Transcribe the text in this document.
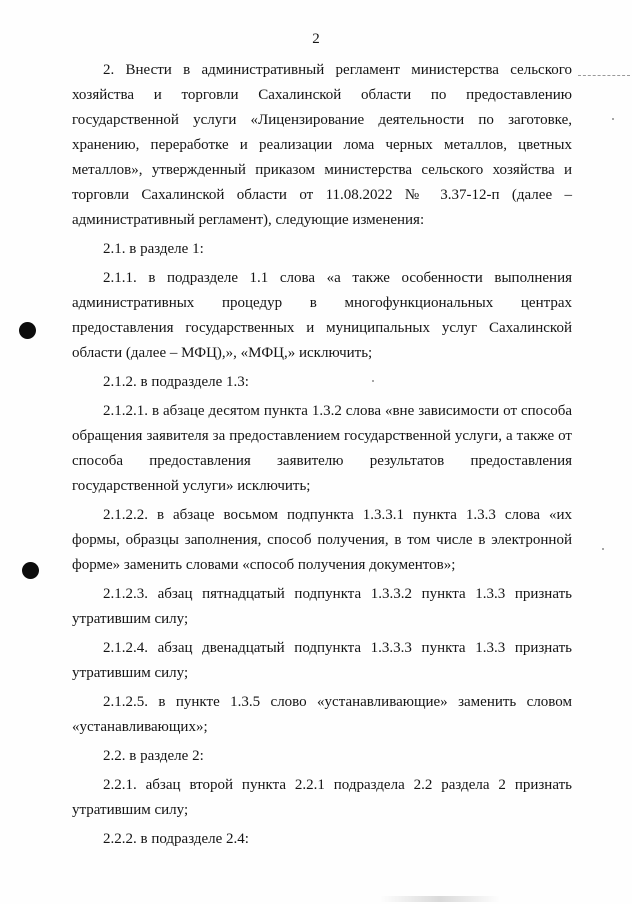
2

2. Внести в административный регламент министерства сельского хозяйства и торговли Сахалинской области по предоставлению государственной услуги «Лицензирование деятельности по заготовке, хранению, переработке и реализации лома черных металлов, цветных металлов», утвержденный приказом министерства сельского хозяйства и торговли Сахалинской области от 11.08.2022 № 3.37-12-п (далее – административный регламент), следующие изменения:

2.1. в разделе 1:

2.1.1. в подразделе 1.1 слова «а также особенности выполнения административных процедур в многофункциональных центрах предоставления государственных и муниципальных услуг Сахалинской области (далее – МФЦ),», «МФЦ,» исключить;

2.1.2. в подразделе 1.3:

2.1.2.1. в абзаце десятом пункта 1.3.2 слова «вне зависимости от способа обращения заявителя за предоставлением государственной услуги, а также от способа предоставления заявителю результатов предоставления государственной услуги» исключить;

2.1.2.2. в абзаце восьмом подпункта 1.3.3.1 пункта 1.3.3 слова «их формы, образцы заполнения, способ получения, в том числе в электронной форме» заменить словами «способ получения документов»;

2.1.2.3. абзац пятнадцатый подпункта 1.3.3.2 пункта 1.3.3 признать утратившим силу;

2.1.2.4. абзац двенадцатый подпункта 1.3.3.3 пункта 1.3.3 признать утратившим силу;

2.1.2.5. в пункте 1.3.5 слово «устанавливающие» заменить словом «устанавливающих»;

2.2. в разделе 2:

2.2.1. абзац второй пункта 2.2.1 подраздела 2.2 раздела 2 признать утратившим силу;

2.2.2. в подразделе 2.4:
